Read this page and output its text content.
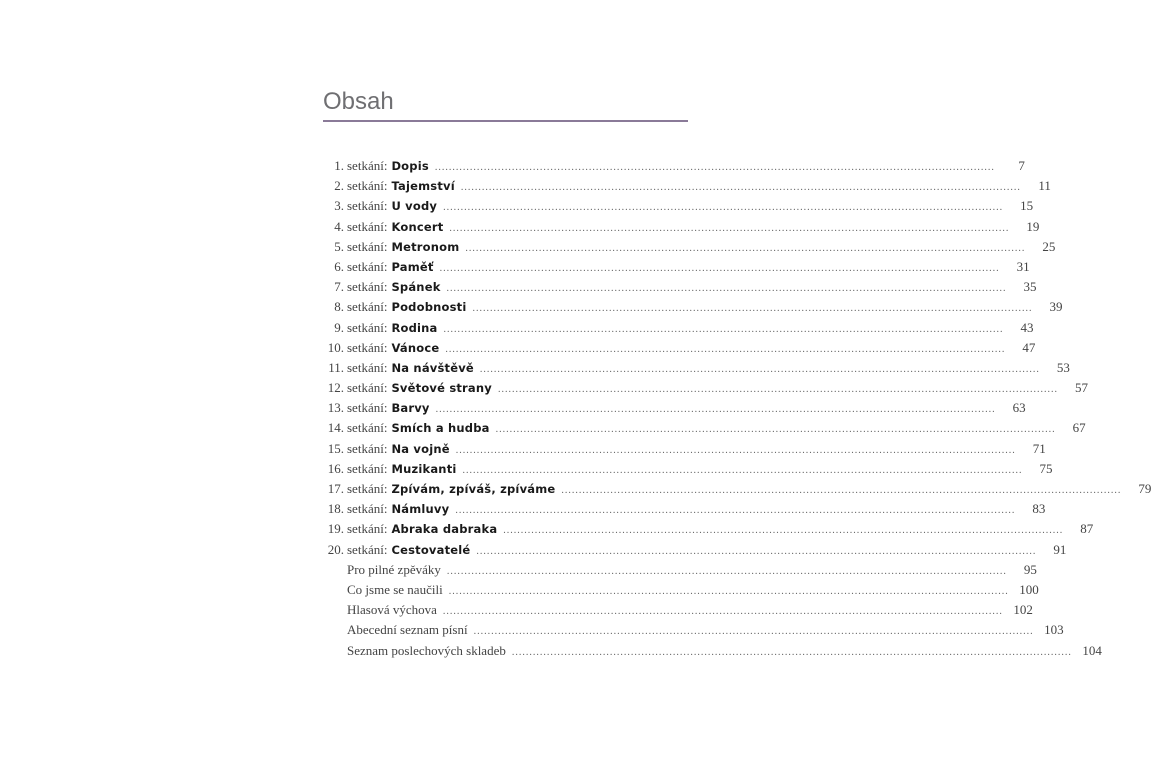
Obsah
1. setkání: Dopis ................................................................................................................................................................	7
2. setkání: Tajemství ................................................................................................................................................................	11
3. setkání: U vody ................................................................................................................................................................	15
4. setkání: Koncert ................................................................................................................................................................	19
5. setkání: Metronom ................................................................................................................................................................	25
6. setkání: Paměť ................................................................................................................................................................	31
7. setkání: Spánek ................................................................................................................................................................	35
8. setkání: Podobnosti ................................................................................................................................................................	39
9. setkání: Rodina ................................................................................................................................................................	43
10. setkání: Vánoce ................................................................................................................................................................	47
11. setkání: Na návštěvě ................................................................................................................................................................	53
12. setkání: Světové strany ................................................................................................................................................................	57
13. setkání: Barvy ................................................................................................................................................................	63
14. setkání: Smích a hudba ................................................................................................................................................................	67
15. setkání: Na vojně ................................................................................................................................................................	71
16. setkání: Muzikanti ................................................................................................................................................................	75
17. setkání: Zpívám, zpíváš, zpíváme ................................................................................................................................................................	79
18. setkání: Námluvy ................................................................................................................................................................	83
19. setkání: Abraka dabraka ................................................................................................................................................................	87
20. setkání: Cestovatelé ................................................................................................................................................................	91
Pro pilné zpěváky ................................................................................................................................................................	95
Co jsme se naučili ................................................................................................................................................................ 100
Hlasová výchova ................................................................................................................................................................ 102
Abecední seznam písní ................................................................................................................................................................ 103
Seznam poslechových skladeb ................................................................................................................................................................ 104
